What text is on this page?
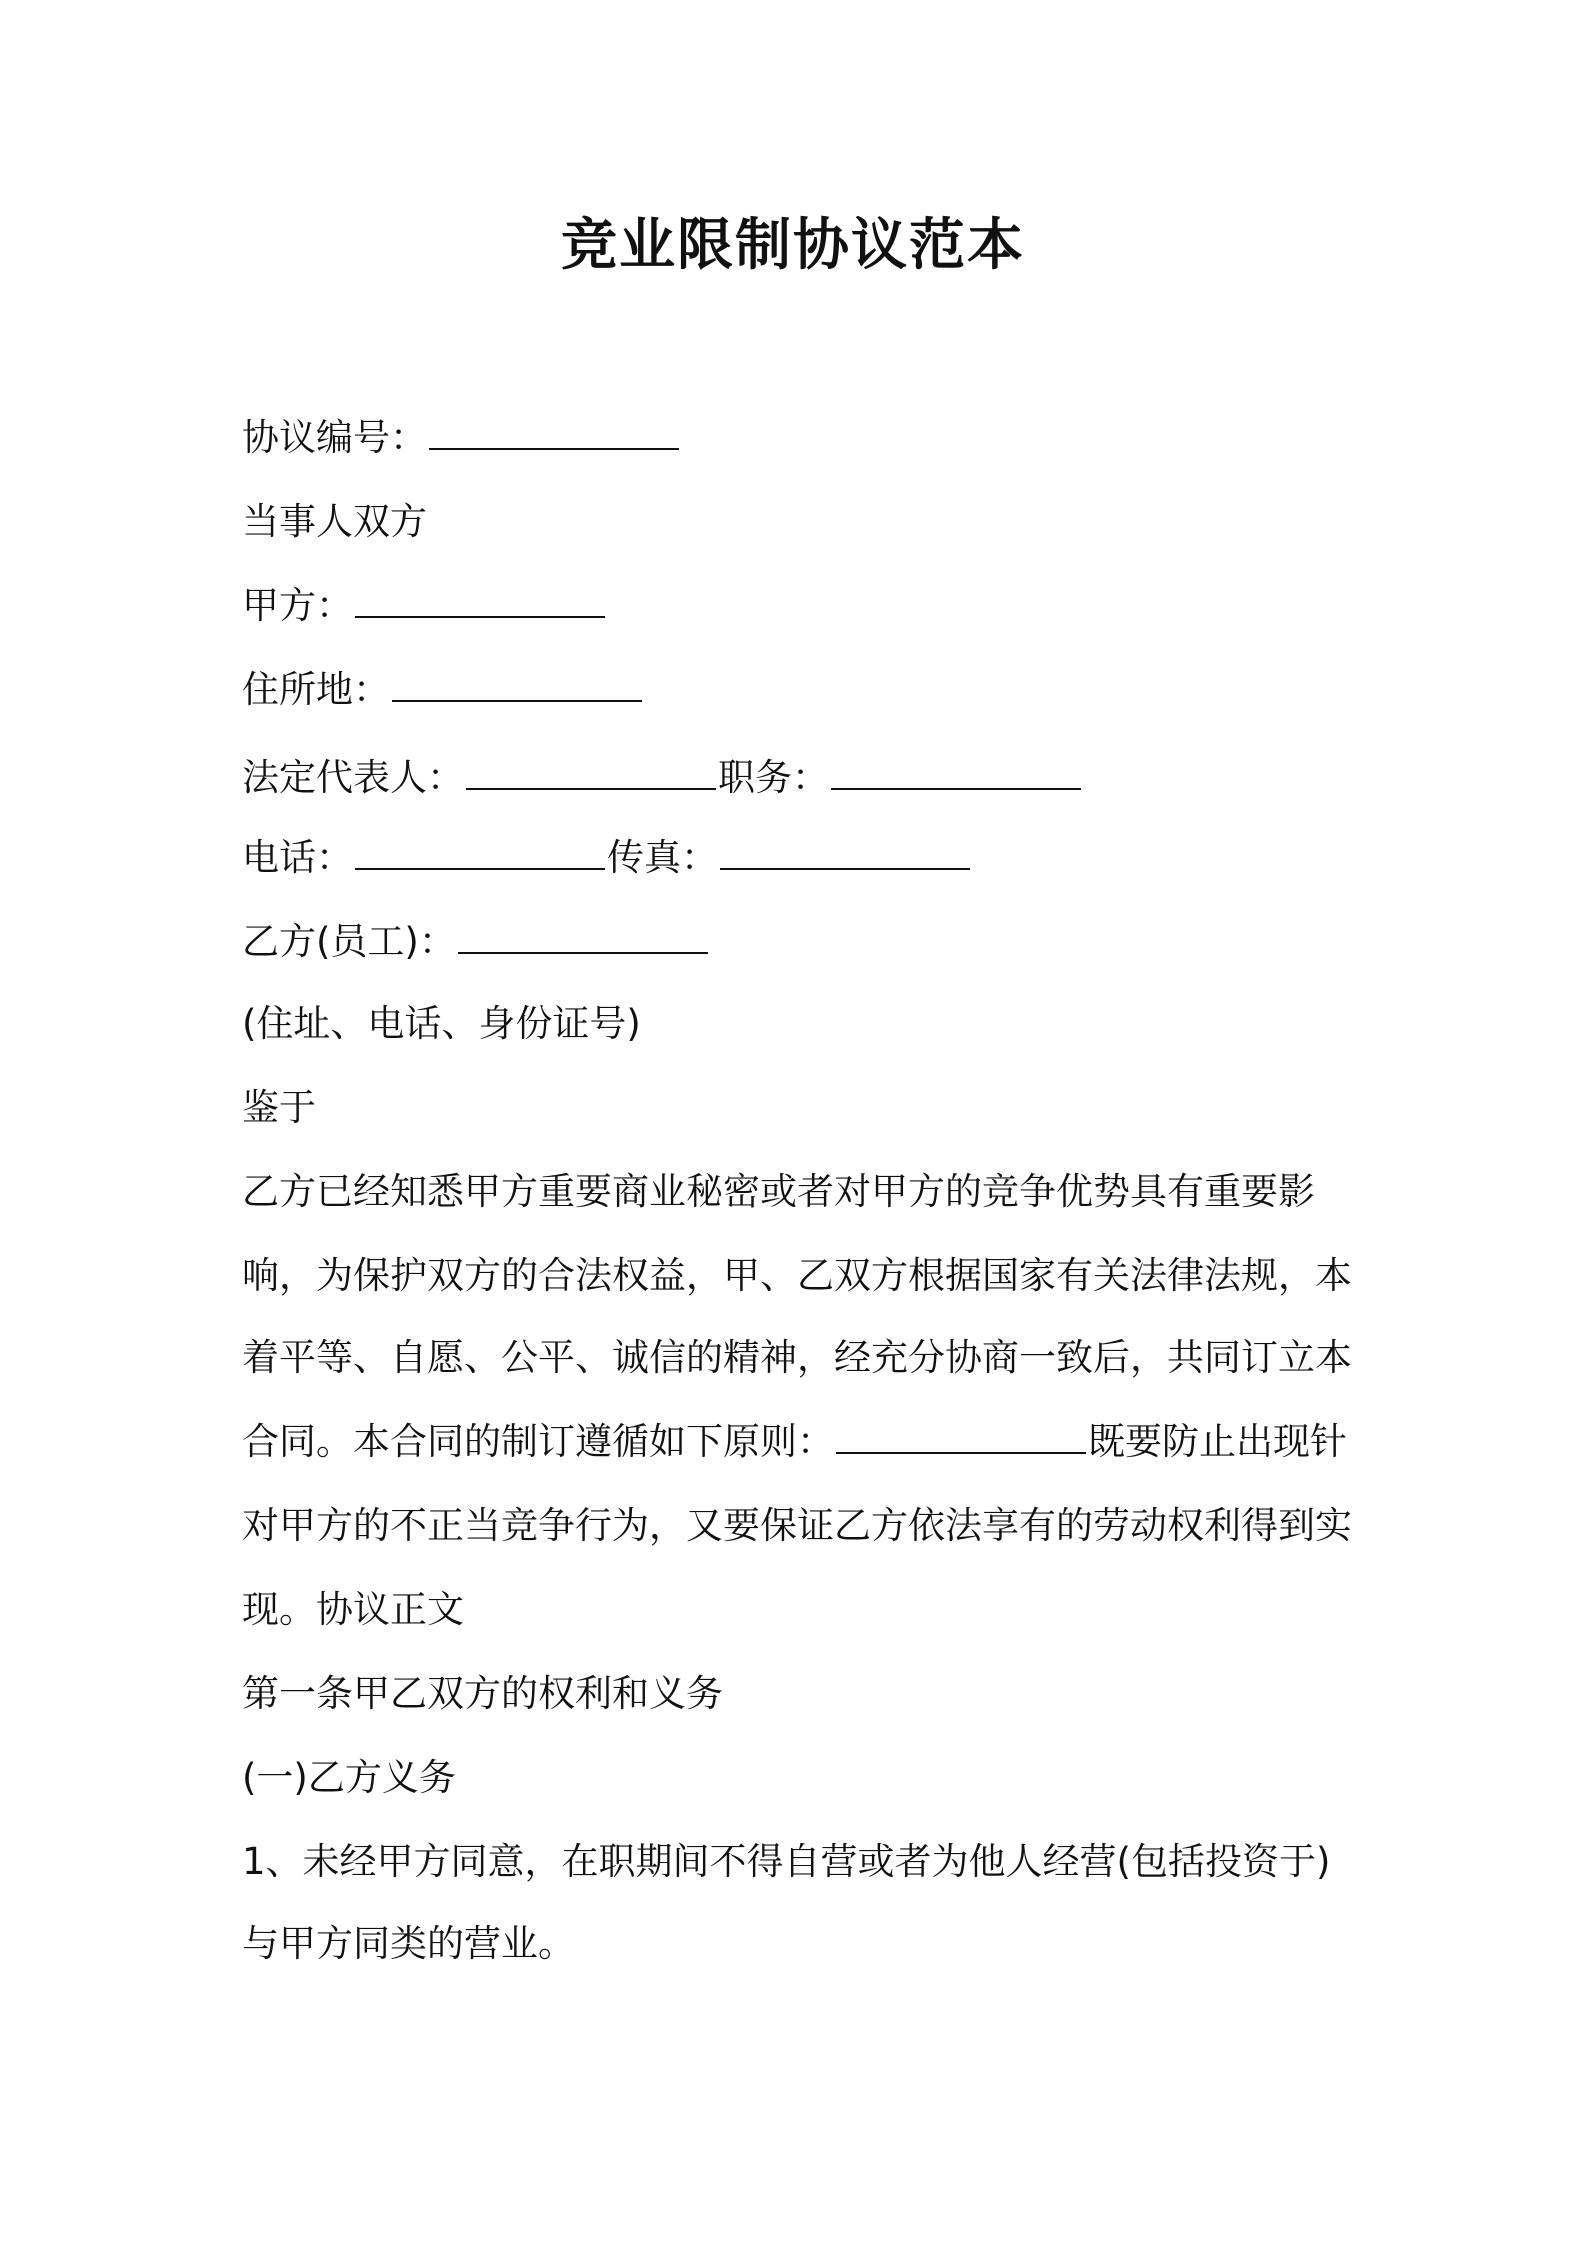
竞业限制协议范本

协议编号：

当事人双方

甲方：

住所地：

法定代表人：	职务：

电话：	传真：

乙方(员工)：

(住址、电话、身份证号)

鉴于

乙方已经知悉甲方重要商业秘密或者对甲方的竞争优势具有重要影

响，为保护双方的合法权益，甲、乙双方根据国家有关法律法规，本

着平等、自愿、公平、诚信的精神，经充分协商一致后，共同订立本

合同。本合同的制订遵循如下原则：	既要防止出现针

对甲方的不正当竞争行为，又要保证乙方依法享有的劳动权利得到实

现。协议正文

第一条甲乙双方的权利和义务

(一)乙方义务

1、未经甲方同意，在职期间不得自营或者为他人经营(包括投资于)

与甲方同类的营业。
